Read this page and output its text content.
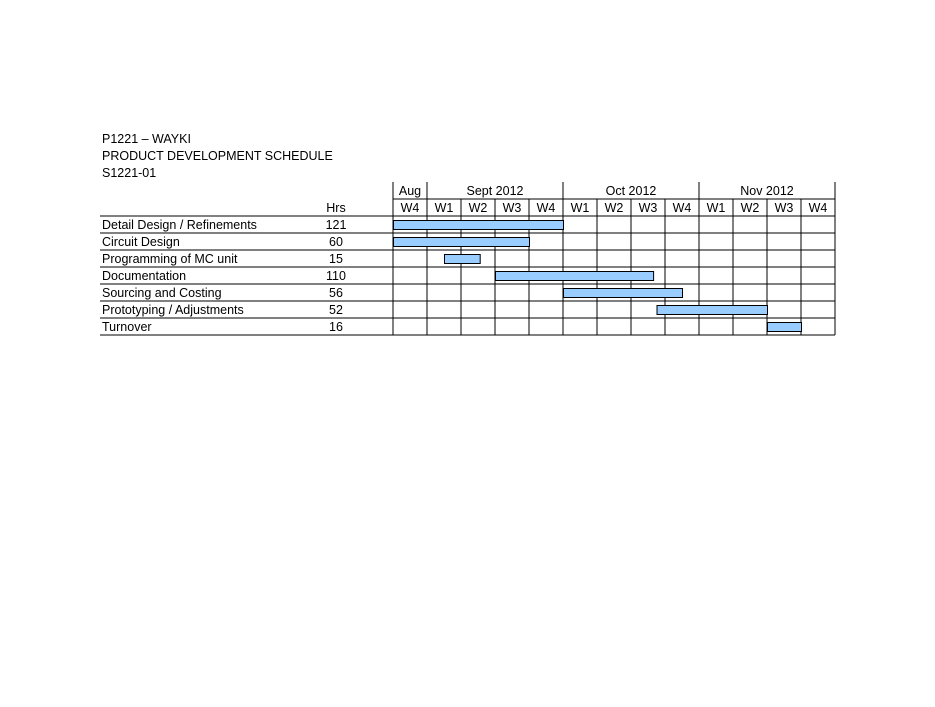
P1221 – WAYKI
PRODUCT DEVELOPMENT SCHEDULE
S1221-01
Aug	Sept 2012	Oct 2012	Nov 2012
W4 W1 W2 W3 W4 W1 W2 W3 W4 W1 W2 W3 W4
Hrs
Detail Design / Refinements	121
Circuit Design	60
Programming of MC unit	15
Documentation	110
Sourcing and Costing	56
Prototyping / Adjustments	52
Turnover	16
